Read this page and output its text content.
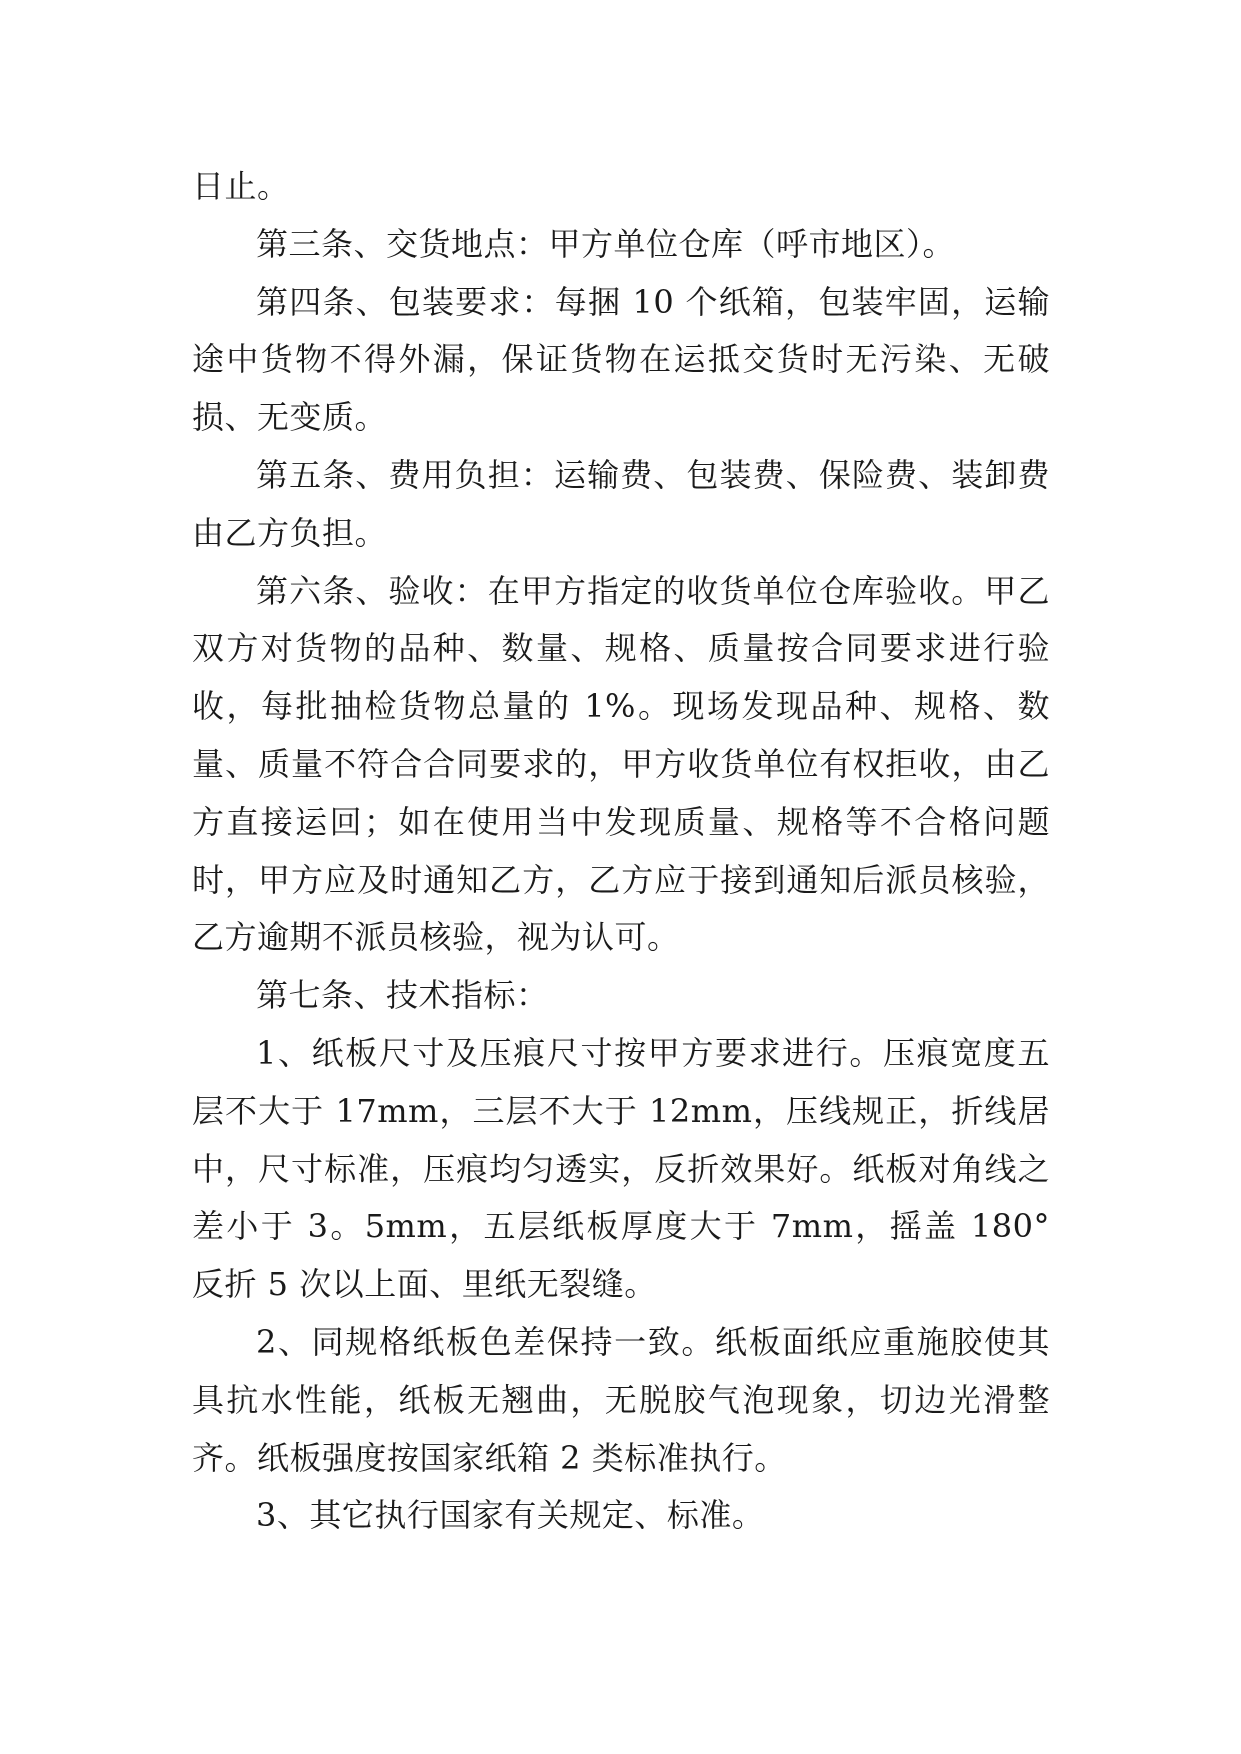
日止。

第三条、交货地点：甲方单位仓库（呼市地区）。

第四条、包装要求：每捆 10 个纸箱，包装牢固，运输途中货物不得外漏，保证货物在运抵交货时无污染、无破损、无变质。

第五条、费用负担：运输费、包装费、保险费、装卸费由乙方负担。

第六条、验收：在甲方指定的收货单位仓库验收。甲乙双方对货物的品种、数量、规格、质量按合同要求进行验收，每批抽检货物总量的 1%。现场发现品种、规格、数量、质量不符合合同要求的，甲方收货单位有权拒收，由乙方直接运回；如在使用当中发现质量、规格等不合格问题时，甲方应及时通知乙方，乙方应于接到通知后派员核验，乙方逾期不派员核验，视为认可。

第七条、技术指标：

1、纸板尺寸及压痕尺寸按甲方要求进行。压痕宽度五层不大于 17mm，三层不大于 12mm，压线规正，折线居中，尺寸标准，压痕均匀透实，反折效果好。纸板对角线之差小于 3。5mm，五层纸板厚度大于 7mm，摇盖 180° 反折 5 次以上面、里纸无裂缝。

2、同规格纸板色差保持一致。纸板面纸应重施胶使其具抗水性能，纸板无翘曲，无脱胶气泡现象，切边光滑整齐。纸板强度按国家纸箱 2 类标准执行。

3、其它执行国家有关规定、标准。
